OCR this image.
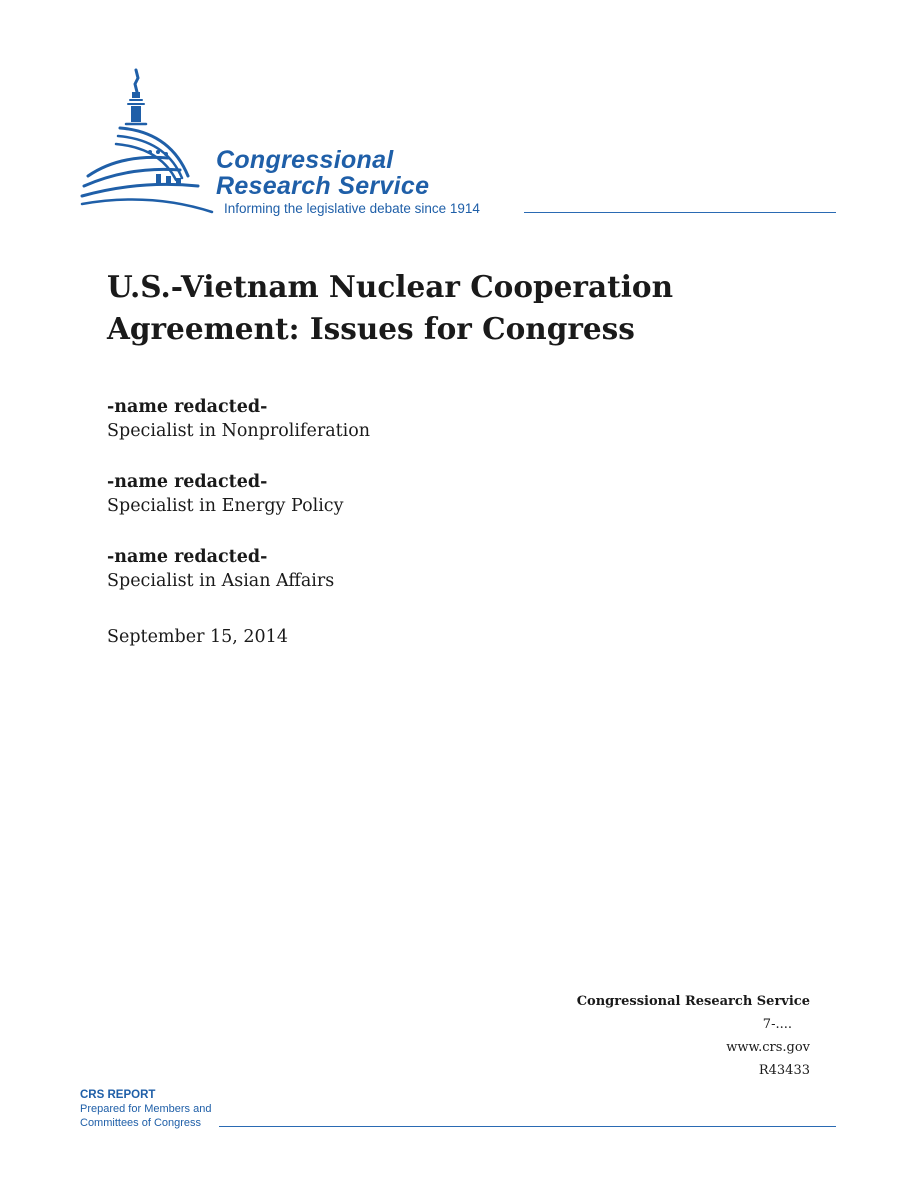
Congressional
Research Service
Informing the legislative debate since 1914
U.S.-Vietnam Nuclear Cooperation
Agreement: Issues for Congress
-name redacted-
Specialist in Nonproliferation
-name redacted-
Specialist in Energy Policy
-name redacted-
Specialist in Asian Affairs
September 15, 2014
Congressional Research Service
7-....
www.crs.gov
R43433
CRS REPORT
Prepared for Members and
Committees of Congress
